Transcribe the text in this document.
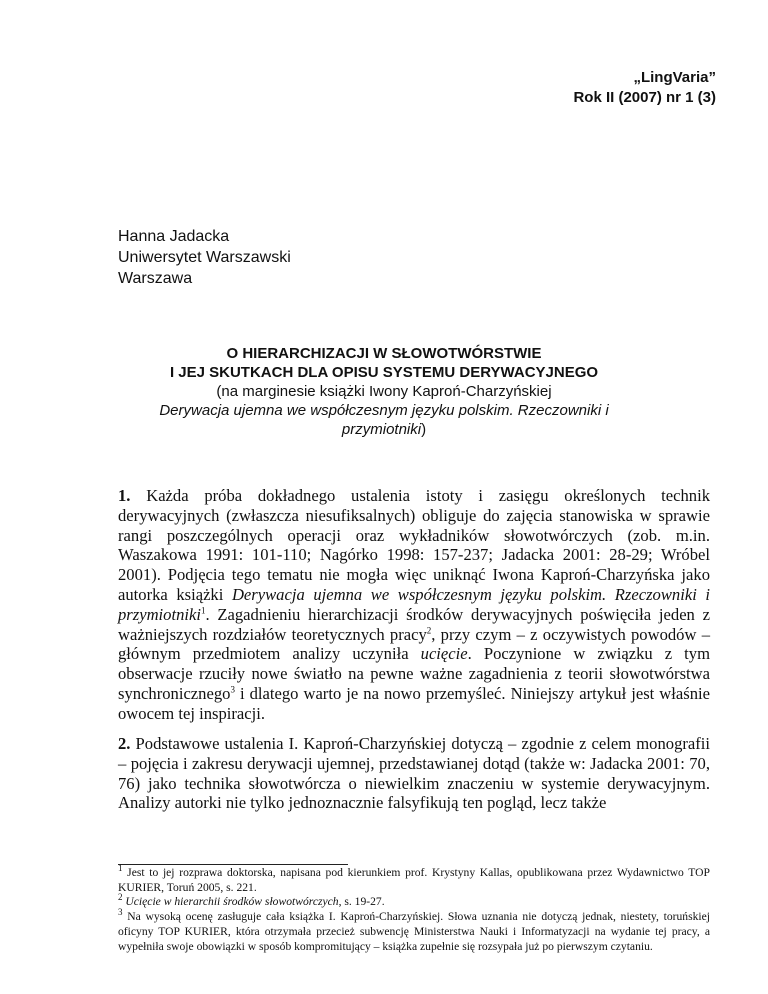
„LingVaria”
Rok II (2007) nr 1 (3)
Hanna Jadacka
Uniwersytet Warszawski
Warszawa
O HIERARCHIZACJI W SŁOWOTWÓRSTWIE
I JEJ SKUTKACH DLA OPISU SYSTEMU DERYWACYJNEGO
(na marginesie książki Iwony Kaproń-Charzyńskiej
Derywacja ujemna we współczesnym języku polskim. Rzeczowniki i przymiotniki)
1. Każda próba dokładnego ustalenia istoty i zasięgu określonych technik derywacyjnych (zwłaszcza niesufiksalnych) obliguje do zajęcia stanowiska w sprawie rangi poszczególnych operacji oraz wykładników słowotwórczych (zob. m.in. Waszakowa 1991: 101-110; Nagórko 1998: 157-237; Jadacka 2001: 28-29; Wróbel 2001). Podjęcia tego tematu nie mogła więc uniknąć Iwona Kaproń-Charzyńska jako autorka książki Derywacja ujemna we współczesnym języku polskim. Rzeczowniki i przymiotniki$^1$. Zagadnieniu hierarchizacji środków derywacyjnych poświęciła jeden z ważniejszych rozdziałów teoretycznych pracy$^2$, przy czym – z oczywistych powodów – głównym przedmiotem analizy uczyniła ucięcie. Poczynione w związku z tym obserwacje rzuciły nowe światło na pewne ważne zagadnienia z teorii słowotwórstwa synchronicznego$^3$ i dlatego warto je na nowo przemyśleć. Niniejszy artykuł jest właśnie owocem tej inspiracji.
2. Podstawowe ustalenia I. Kaproń-Charzyńskiej dotyczą – zgodnie z celem monografii – pojęcia i zakresu derywacji ujemnej, przedstawianej dotąd (także w: Jadacka 2001: 70, 76) jako technika słowotwórcza o niewielkim znaczeniu w systemie derywacyjnym. Analizy autorki nie tylko jednoznacznie falsyfikują ten pogląd, lecz także
$^1$ Jest to jej rozprawa doktorska, napisana pod kierunkiem prof. Krystyny Kallas, opublikowana przez Wydawnictwo TOP KURIER, Toruń 2005, s. 221.
$^2$ Ucięcie w hierarchii środków słowotwórczych, s. 19-27.
$^3$ Na wysoką ocenę zasługuje cała książka I. Kaproń-Charzyńskiej. Słowa uznania nie dotyczą jednak, niestety, toruńskiej oficyny TOP KURIER, która otrzymała przecież subwencję Ministerstwa Nauki i Informatyzacji na wydanie tej pracy, a wypełniła swoje obowiązki w sposób kompromitujący – książka zupełnie się rozsypała już po pierwszym czytaniu.
